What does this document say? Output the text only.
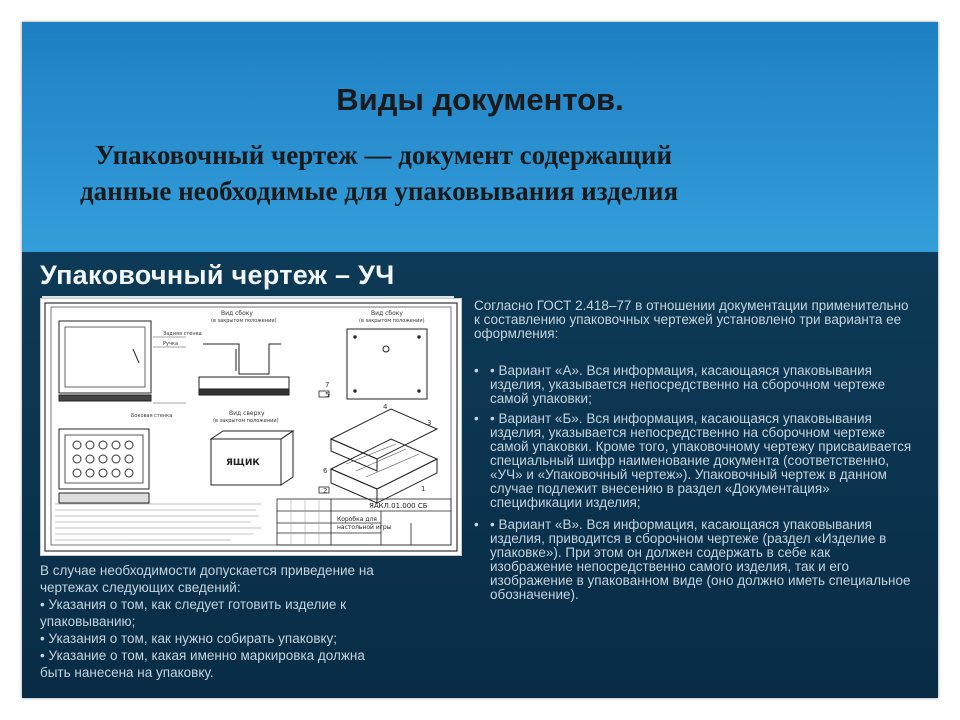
Виды документов.
Упаковочный чертеж — документ содержащий
данные необходимые для упаковывания изделия
Упаковочный чертеж – УЧ
Задняя стенка
Ручка
Боковая стенка
Вид сбоку
(в закрытом положении)
Вид сбоку
(в закрытом положении)
Вид сверху
(в закрытом положении)
ЯЩИК
7
5
4
3
6
2	1
ЯАКЛ.01.000 СБ
Коробка для
настольной игры
Согласно ГОСТ 2.418–77 в отношении документации применительно к составлению упаковочных чертежей установлено три варианта ее оформления:
• • Вариант «А». Вся информация, касающаяся упаковывания изделия, указывается непосредственно на сборочном чертеже самой упаковки;
• • Вариант «Б». Вся информация, касающаяся упаковывания изделия, указывается непосредственно на сборочном чертеже самой упаковки. Кроме того, упаковочному чертежу присваивается специальный шифр наименование документа (соответственно, «УЧ» и «Упаковочный чертеж»). Упаковочный чертеж в данном случае подлежит внесению в раздел «Документация» спецификации изделия;
• • Вариант «В». Вся информация, касающаяся упаковывания изделия, приводится в сборочном чертеже (раздел «Изделие в упаковке»). При этом он должен содержать в себе как изображение непосредственно самого изделия, так и его изображение в упакованном виде (оно должно иметь специальное обозначение).
В случае необходимости допускается приведение на
чертежах следующих сведений:
• Указания о том, как следует готовить изделие к
упаковыванию;
• Указания о том, как нужно собирать упаковку;
• Указание о том, какая именно маркировка должна
быть нанесена на упаковку.
